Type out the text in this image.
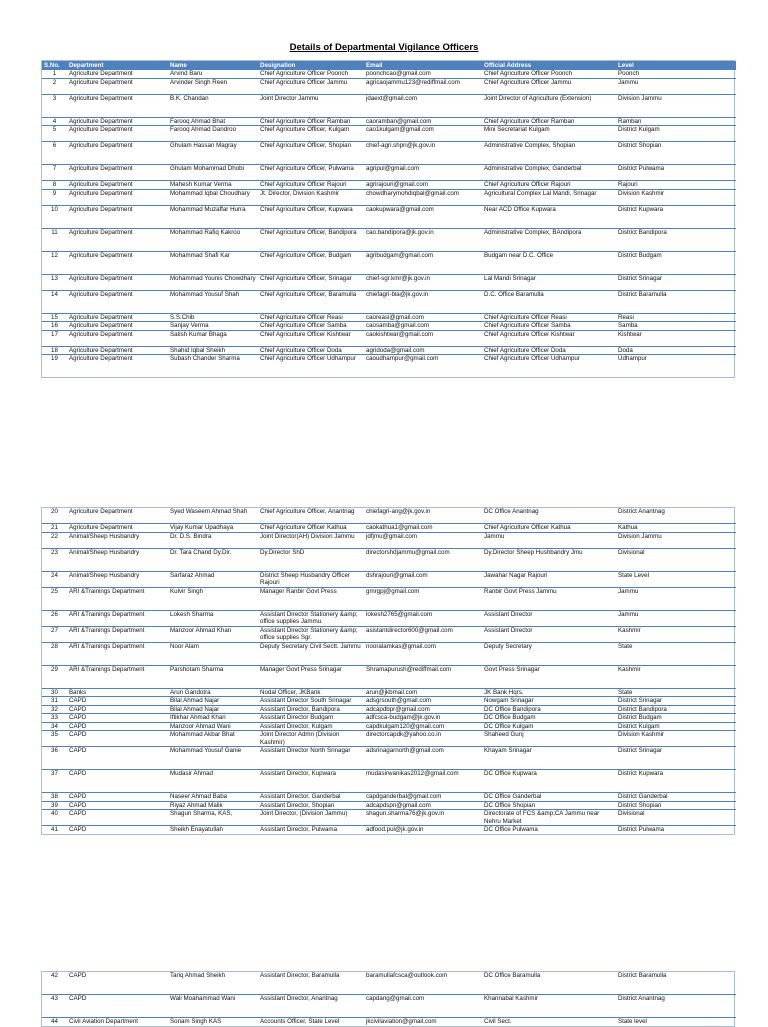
Details of Departmental Vigilance Officers
S.No.	Department	Name	Designation	Email	Official Address	Level
1	Agriculture Department	Arvind Baru	Chief Agriculture Officer Poonch	poonchcao@gmail.com	Chief Agriculture Officer Poonch	Poonch
2	Agriculture Department	Arvinder Singh Reen	Chief Agriculture Officer Jammu	agricaojammu123@rediffmail.com	Chief Agriculture Officer Jammu	Jammu
3	Agriculture Department	B.K. Chandan	Joint Director Jammu	jdaext@gmail.com	Joint Director of Agriculture (Extension)	Division Jammu
4	Agriculture Department	Farooq Ahmad Bhat	Chief Agriculture Officer Ramban	caoramban@gmail.com	Chief Agriculture Officer Ramban	Ramban
5	Agriculture Department	Farooq Ahmad Dandroo	Chief Agriculture Officer, Kulgam	cao1kulgam@gmail.com	Mini Secretariat Kulgam	District Kulgam
6	Agriculture Department	Ghulam Hassan Magray	Chief Agriculture Officer, Shopian	chief-agri.shpn@jk.gov.in	Administrative Complex, Shopian	District Shopian
7	Agriculture Department	Ghulam Mohammad Dhobi	Chief Agriculture Officer, Pulwama	agripul@gmail.com	Administrative Complex, Ganderbal	District Pulwama
8	Agriculture Department	Mahesh Kumar Verma	Chief Agriculture Officer Rajouri	agrirajouri@gmail.com	Chief Agriculture Officer Rajouri	Rajouri
9	Agriculture Department	Mohammad Iqbal Choudhary	Jt. Director, Division Kashmir	chowdharymohdiqbal@gmail.com	Agricultural Complex Lal Mandi, Srinagar	Division Kashmir
10	Agriculture Department	Mohammad Muzaffar Hurra	Chief Agriculture Officer, Kupwara	caokupwara@gmail.com	Near ACD Office Kupwara	District Kupwara
11	Agriculture Department	Mohammad Rafiq Kakroo	Chief Agriculture Officer, Bandipora	cao.bandipora@jk.gov.in	Administrative Complex, BAndipora	District Bandipora
12	Agriculture Department	Mohammad Shafi Kar	Chief Agriculture Officer, Budgam	agribudgam@gmail.com	Budgam near D.C. Office	District Budgam
13	Agriculture Department	Mohammad Younis Chowdhary	Chief Agriculture Officer, Srinagar	chief-sgr.kmr@jk.gov.in	Lal Mandi Srinagar	District Srinagar
14	Agriculture Department	Mohammad Yousuf Shah	Chief Agriculture Officer, Baramulla	chiefagri-bla@jk.gov.in	D.C. Office Baramulla	District Baramulla
15	Agriculture Department	S.S.Chib	Chief Agriculture Officer Reasi	caoreasi@gmail.com	Chief Agriculture Officer Reasi	Reasi
16	Agriculture Department	Sanjay Verma	Chief Agriculture Officer Samba	caosamba@gmail.com	Chief Agriculture Officer Samba	Samba
17	Agriculture Department	Satish Kumar Bhaga	Chief Agriculture Officer Kishtwar	caokishtwar@gmail.com	Chief Agriculture Officer Kishtwar	Kishtwar
18	Agriculture Department	Shahid Iqbal Sheikh	Chief Agriculture Officer Doda	agridoda@gmail.com	Chief Agriculture Officer Doda	Doda
19	Agriculture Department	Subash Chander Sharma	Chief Agriculture Officer Udhampur	caoudhampur@gmail.com	Chief Agriculture Officer Udhampur	Udhampur
20	Agriculture Department	Syed Waseem Ahmad Shah	Chief Agriculture Officer, Anantnag	chiefagri-ang@jk.gov.in	DC Office Anantnag	District Anantnag
21	Agriculture Department	Vijay Kumar Upadhaya	Chief Agriculture Officer Kathua	caokathua1@gmail.com	Chief Agriculture Officer Kathua	Kathua
22	Animal/Sheep Husbandry	Dr. D.S. Bindra	Joint Director(AH) Division Jammu	jdfjmu@gmail.com	Jammu	Division Jammu
23	Animal/Sheep Husbandry	Dr. Tara Chand Dy.Dir.	Dy.Director ShD	directorshdjammu@gmail.com	Dy.Director Sheep Hushbandry Jmu	Divisional
24	Animal/Sheep Husbandry	Sarfaraz Ahmad	District Sheep Husbandry Officer Rajouri	dshrajouri@gmail.com	Jawahar Nagar Rajouri	State Level
25	ARI &Trainings Department	Kulvir Singh	Manager Ranbir Govt Press	gmrgpj@gmail.com	Ranbir Govt Press Jammu	Jammu
26	ARI &Trainings Department	Lokesh Sharma	Assistant Director Stationery &amp; office supplies Jammu.	lokesh2765@gmail.com	Assistant Director	Jammu
27	ARI &Trainings Department	Manzoor Ahmad Khan	Assistant Director Stationery &amp; office supplies Sgr.	asistantdirector600@gmail.com	Assistant Director	Kashmir
28	ARI &Trainings Department	Noor Alam	Deputy Secretary Civil Sectt. Jammu	nooralamkas@gmail.com	Deputy Secretary	State
29	ARI &Trainings Department	Parshotam Sharma	Manager Govt Press Srinagar	Shramapurush@rediffmail.com	Govt Press Srinagar	Kashmir
30	Banks	Arun Gandotra	Nodal Officer, JKBank	arun@jkbmail.com	JK Bank Hqrs.	State
31	CAPD	Bilal Ahmad Najar	Assistant Director South Srinagar	adsgrsouth@gmail.com	Nowgam Srinagar	District Srinagar
32	CAPD	Bilal Ahmad Najar	Assistant Director, Bandipora	adcapdbpr@gmail.com	DC Office Bandipora	District Bandipora
33	CAPD	Iftikhar Ahmad Khan	Assistant Director Budgam	adfcsca-budgam@jk.gov.in	DC Office Budgam	District Budgam
34	CAPD	Manzoor Ahmad Wani	Assistant Director, Kulgam	capdkulgam120@gmail.com	DC Office Kulgam	District Kulgam
35	CAPD	Mohammad Akbar Bhat	Joint Director Admn (Division Kashmir)	directorcapdk@yahoo.co.in	Shaheed Gunj	Division Kashmir
36	CAPD	Mohammad Yousuf Ganie	Assistant Director North Srinagar	adsrinagarnorth@gmail.com	Khayam Srinagar	District Srinagar
37	CAPD	Mudasir Ahmad	Assistant Director, Kupwara	mudasirwanikas2012@gmail.com	DC Office Kupwara	District Kupwara
38	CAPD	Naseer Ahmad Baba	Assistant Director, Ganderbal	capdganderbal@gmail.com	DC Office Ganderbal	District Ganderbal
39	CAPD	Riyaz Ahmad Malik	Assistant Director, Shopian	adcapdspn@gmail.com	DC Office Shopian	District Shopian
40	CAPD	Shagun Sharma, KAS,	Joint Director, (Division Jammu)	shagun.sharma76@jk.gov.in	Directorate of FCS &amp;CA Jammu near Nehru Market	Divisional
41	CAPD	Sheikh Enayatullah	Assistant Director, Pulwama	adfood.pul@jk.gov.in	DC Office Pulwama	District Pulwama
42	CAPD	Tariq Ahmad Sheikh	Assistant Director, Baramulla	baramullafcsca@outlook.com	DC Office Baramulla	District Baramulla
43	CAPD	Wali Moahammad Wani	Assistant Director, Anantnag	capdang@gmail.com	Khannabal Kashmir	District Anantnag
44	Civil Aviation Department	Sonam Singh KAS	Accounts Officer, State Level	jkcivilaviation@gmail.com	Civil Sect.	State level
